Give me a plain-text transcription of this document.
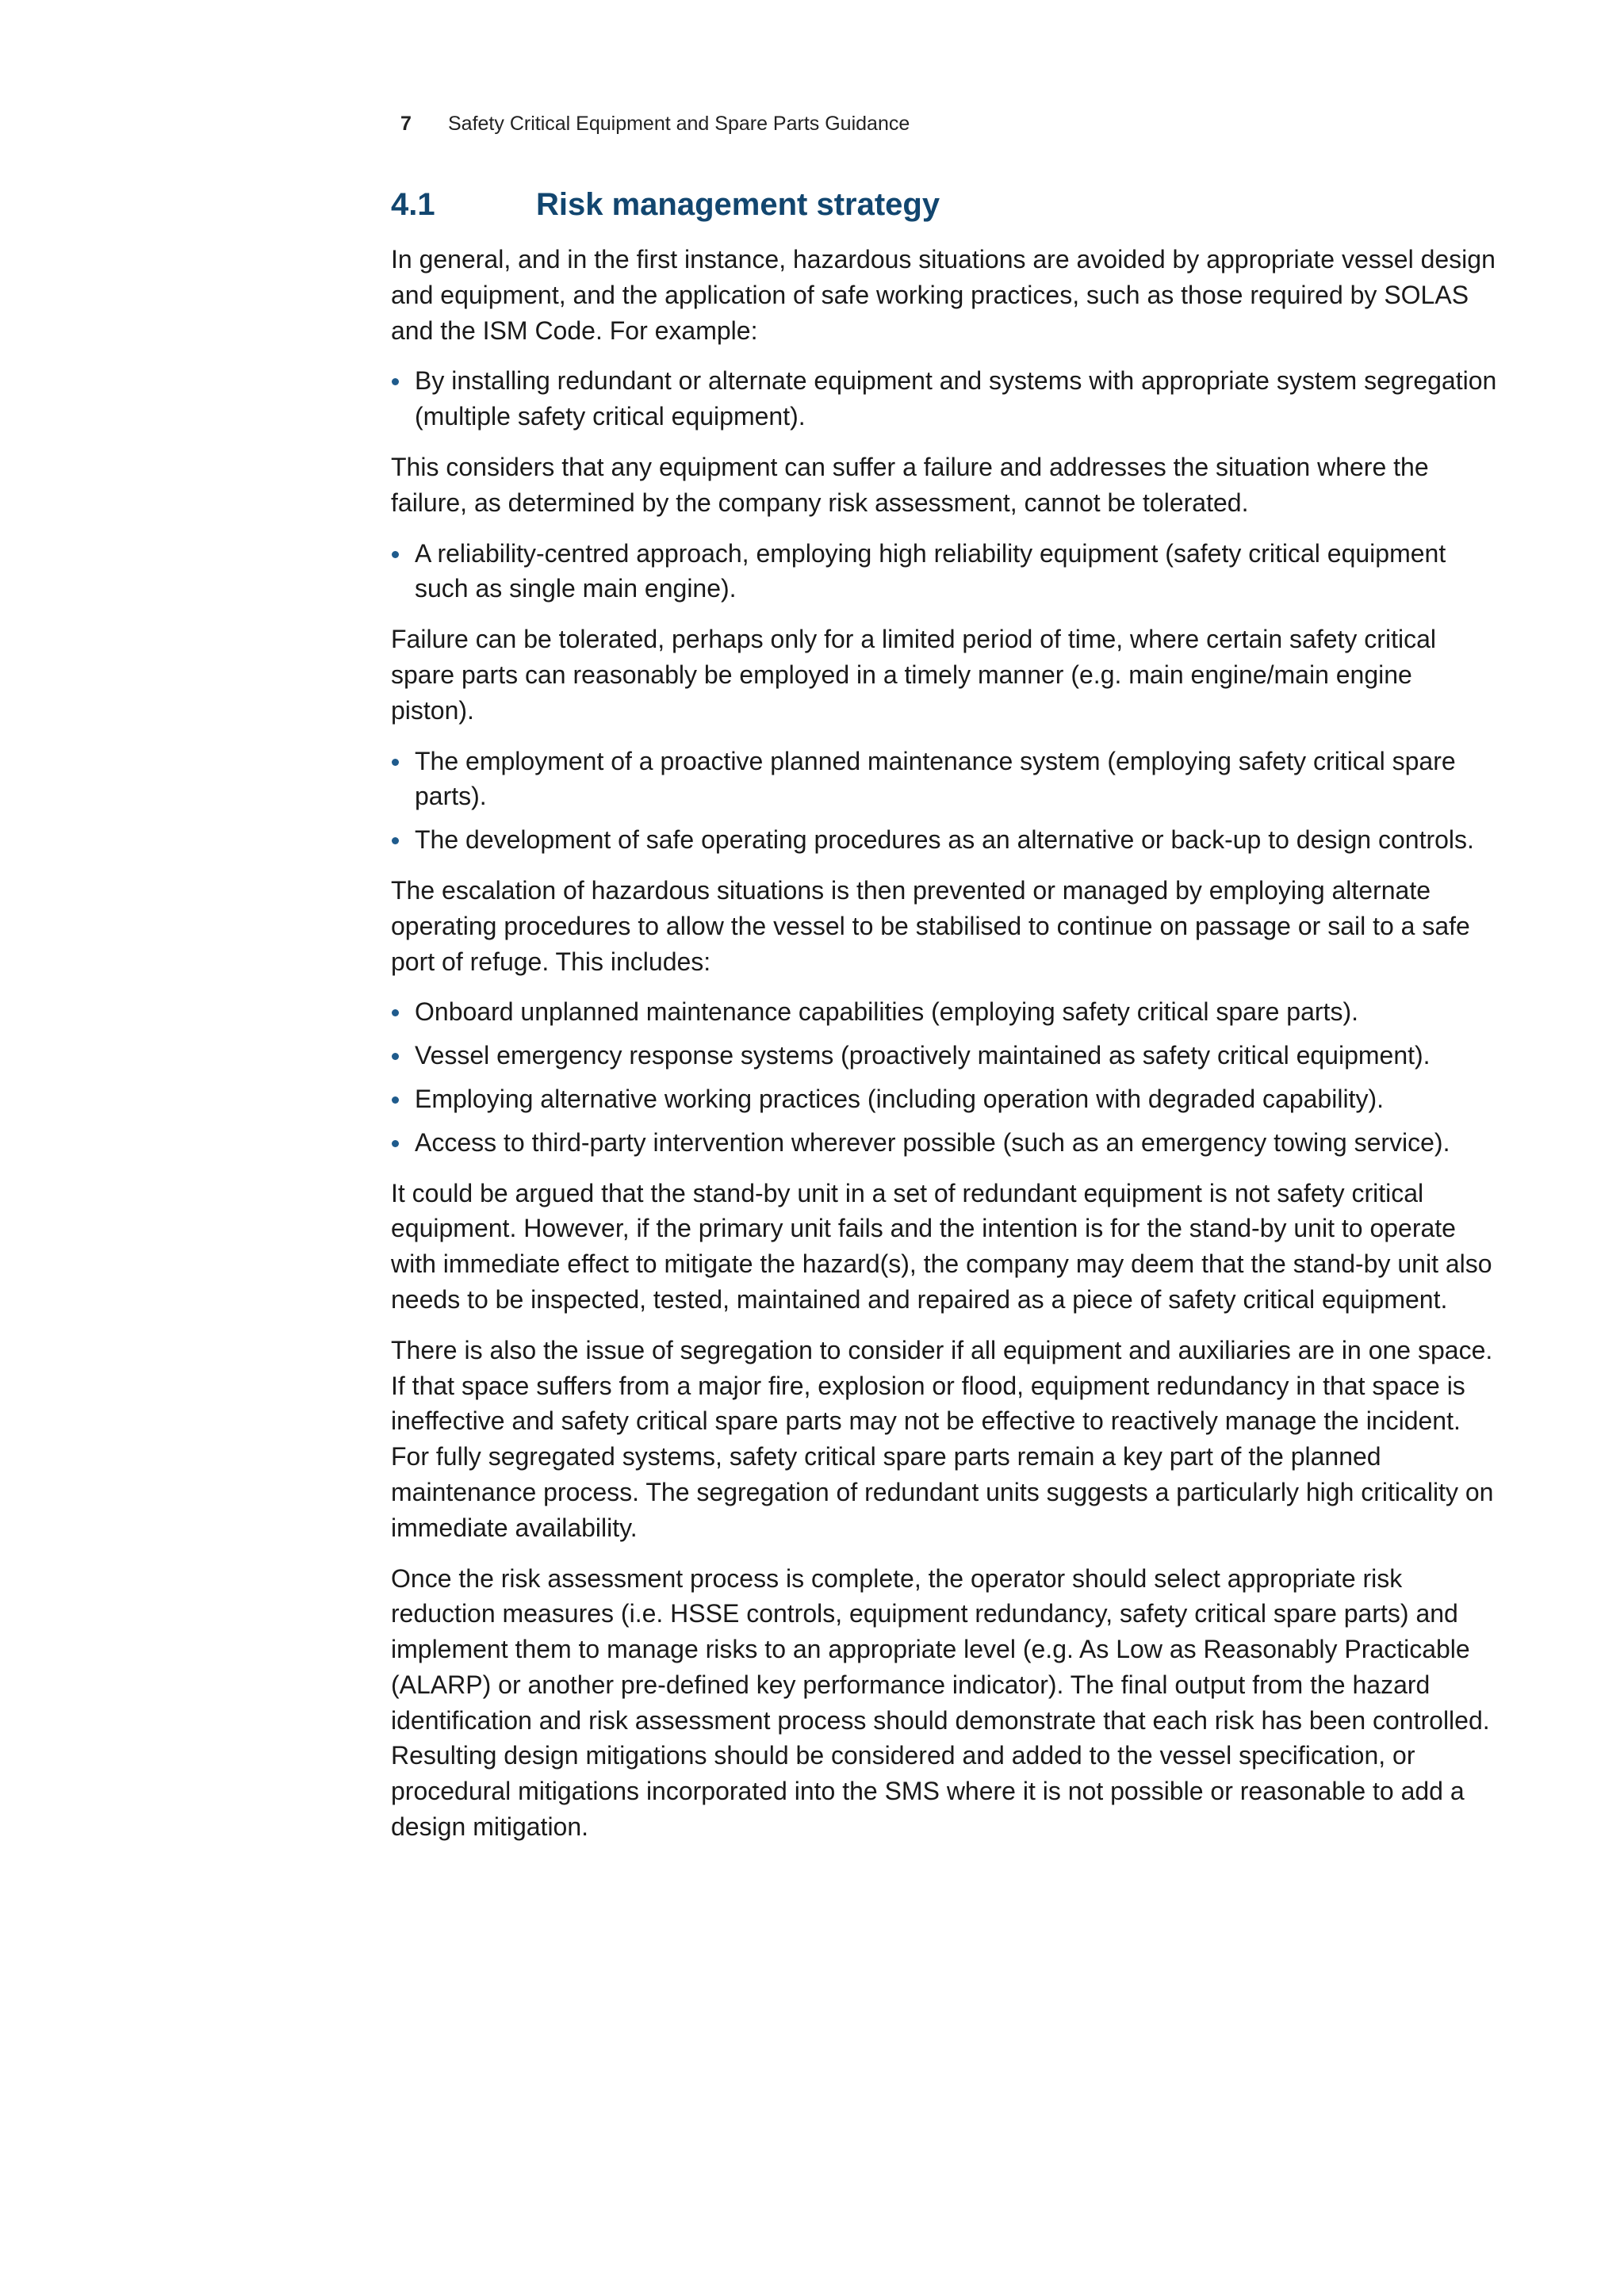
7	Safety Critical Equipment and Spare Parts Guidance
4.1	Risk management strategy

In general, and in the first instance, hazardous situations are avoided by appropriate vessel design and equipment, and the application of safe working practices, such as those required by SOLAS and the ISM Code. For example:

By installing redundant or alternate equipment and systems with appropriate system segregation (multiple safety critical equipment).

This considers that any equipment can suffer a failure and addresses the situation where the failure, as determined by the company risk assessment, cannot be tolerated.

A reliability-centred approach, employing high reliability equipment (safety critical equipment such as single main engine).

Failure can be tolerated, perhaps only for a limited period of time, where certain safety critical spare parts can reasonably be employed in a timely manner (e.g. main engine/main engine piston).

The employment of a proactive planned maintenance system (employing safety critical spare parts).
The development of safe operating procedures as an alternative or back-up to design controls.

The escalation of hazardous situations is then prevented or managed by employing alternate operating procedures to allow the vessel to be stabilised to continue on passage or sail to a safe port of refuge. This includes:

Onboard unplanned maintenance capabilities (employing safety critical spare parts).
Vessel emergency response systems (proactively maintained as safety critical equipment).
Employing alternative working practices (including operation with degraded capability).
Access to third-party intervention wherever possible (such as an emergency towing service).

It could be argued that the stand-by unit in a set of redundant equipment is not safety critical equipment. However, if the primary unit fails and the intention is for the stand-by unit to operate with immediate effect to mitigate the hazard(s), the company may deem that the stand-by unit also needs to be inspected, tested, maintained and repaired as a piece of safety critical equipment.

There is also the issue of segregation to consider if all equipment and auxiliaries are in one space. If that space suffers from a major fire, explosion or flood, equipment redundancy in that space is ineffective and safety critical spare parts may not be effective to reactively manage the incident. For fully segregated systems, safety critical spare parts remain a key part of the planned maintenance process. The segregation of redundant units suggests a particularly high criticality on immediate availability.

Once the risk assessment process is complete, the operator should select appropriate risk reduction measures (i.e. HSSE controls, equipment redundancy, safety critical spare parts) and implement them to manage risks to an appropriate level (e.g. As Low as Reasonably Practicable (ALARP) or another pre-defined key performance indicator). The final output from the hazard identification and risk assessment process should demonstrate that each risk has been controlled. Resulting design mitigations should be considered and added to the vessel specification, or procedural mitigations incorporated into the SMS where it is not possible or reasonable to add a design mitigation.
